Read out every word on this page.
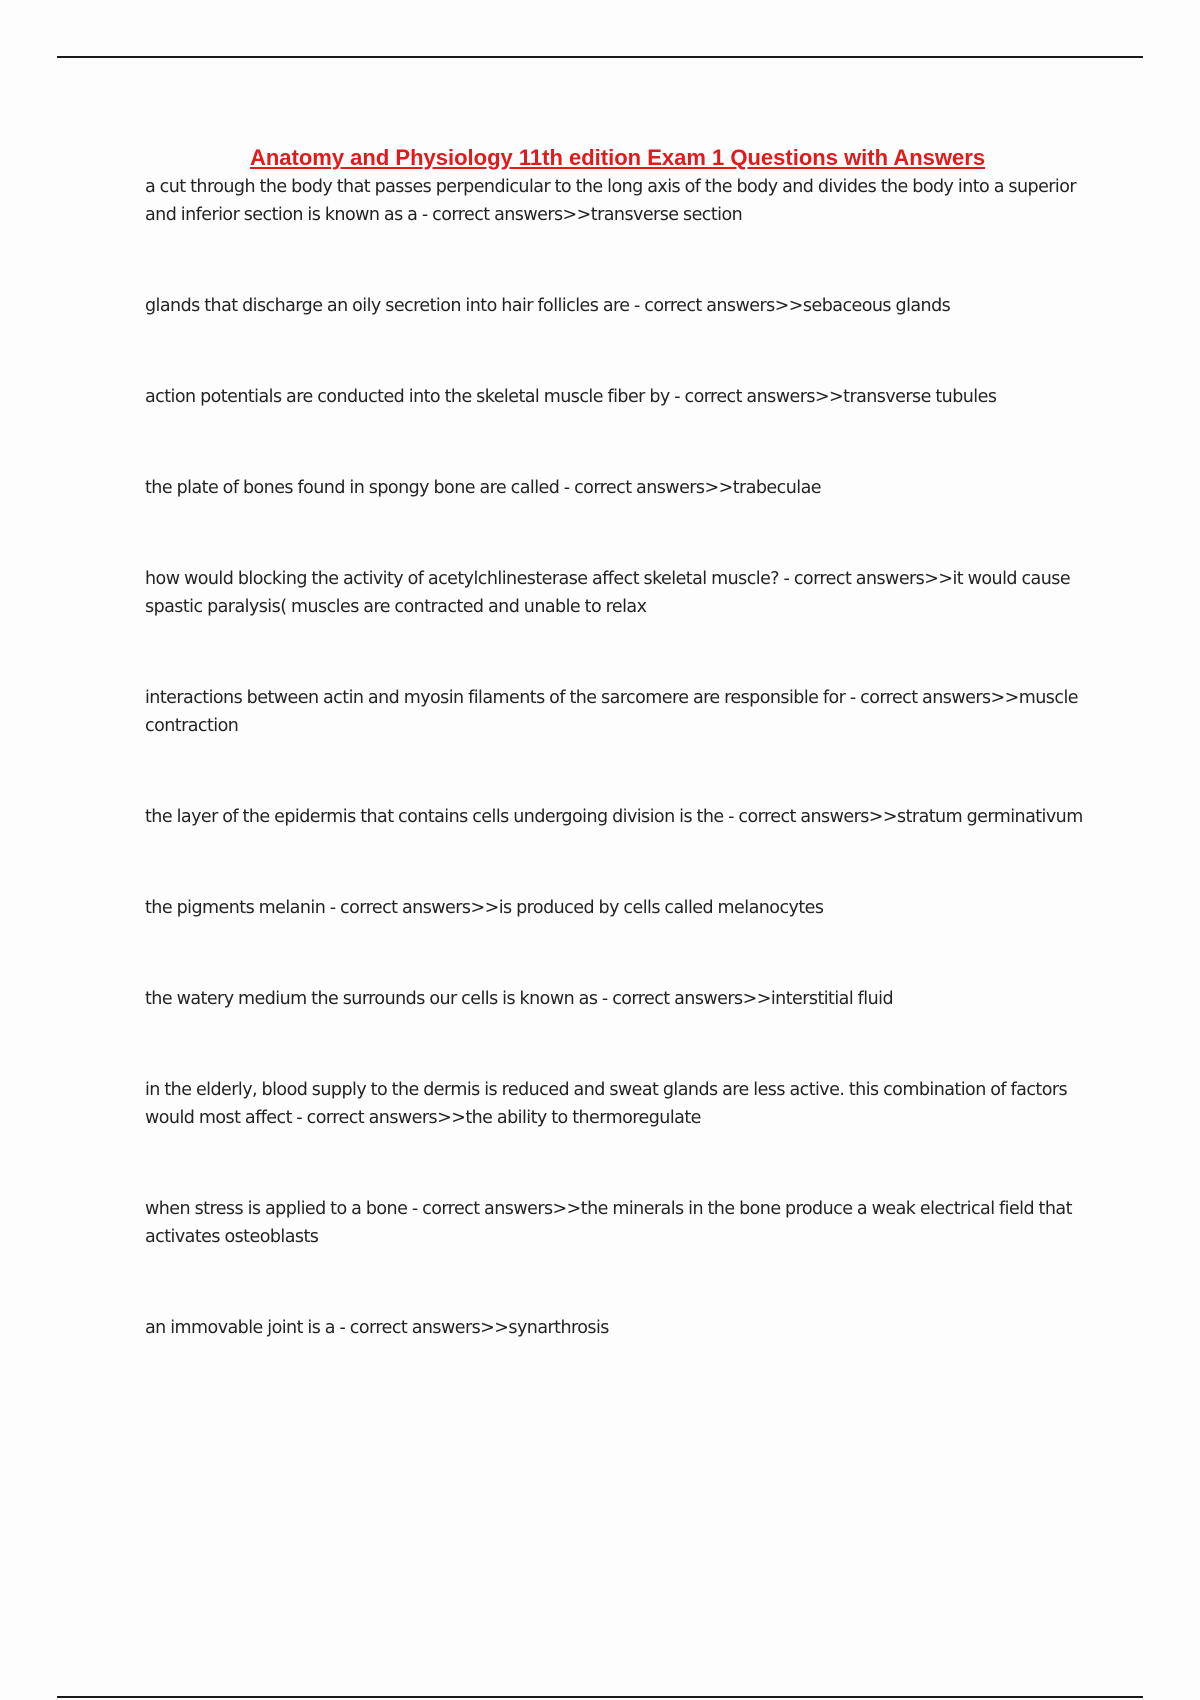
Anatomy and Physiology 11th edition Exam 1 Questions with Answers
a cut through the body that passes perpendicular to the long axis of the body and divides the body into a superior and inferior section is known as a - correct answers>>transverse section
glands that discharge an oily secretion into hair follicles are - correct answers>>sebaceous glands
action potentials are conducted into the skeletal muscle fiber by - correct answers>>transverse tubules
the plate of bones found in spongy bone are called - correct answers>>trabeculae
how would blocking the activity of acetylchlinesterase affect skeletal muscle? - correct answers>>it would cause spastic paralysis( muscles are contracted and unable to relax
interactions between actin and myosin filaments of the sarcomere are responsible for - correct answers>>muscle contraction
the layer of the epidermis that contains cells undergoing division is the - correct answers>>stratum germinativum
the pigments melanin - correct answers>>is produced by cells called melanocytes
the watery medium the surrounds our cells is known as - correct answers>>interstitial fluid
in the elderly, blood supply to the dermis is reduced and sweat glands are less active. this combination of factors would most affect - correct answers>>the ability to thermoregulate
when stress is applied to a bone - correct answers>>the minerals in the bone produce a weak electrical field that activates osteoblasts
an immovable joint is a - correct answers>>synarthrosis
